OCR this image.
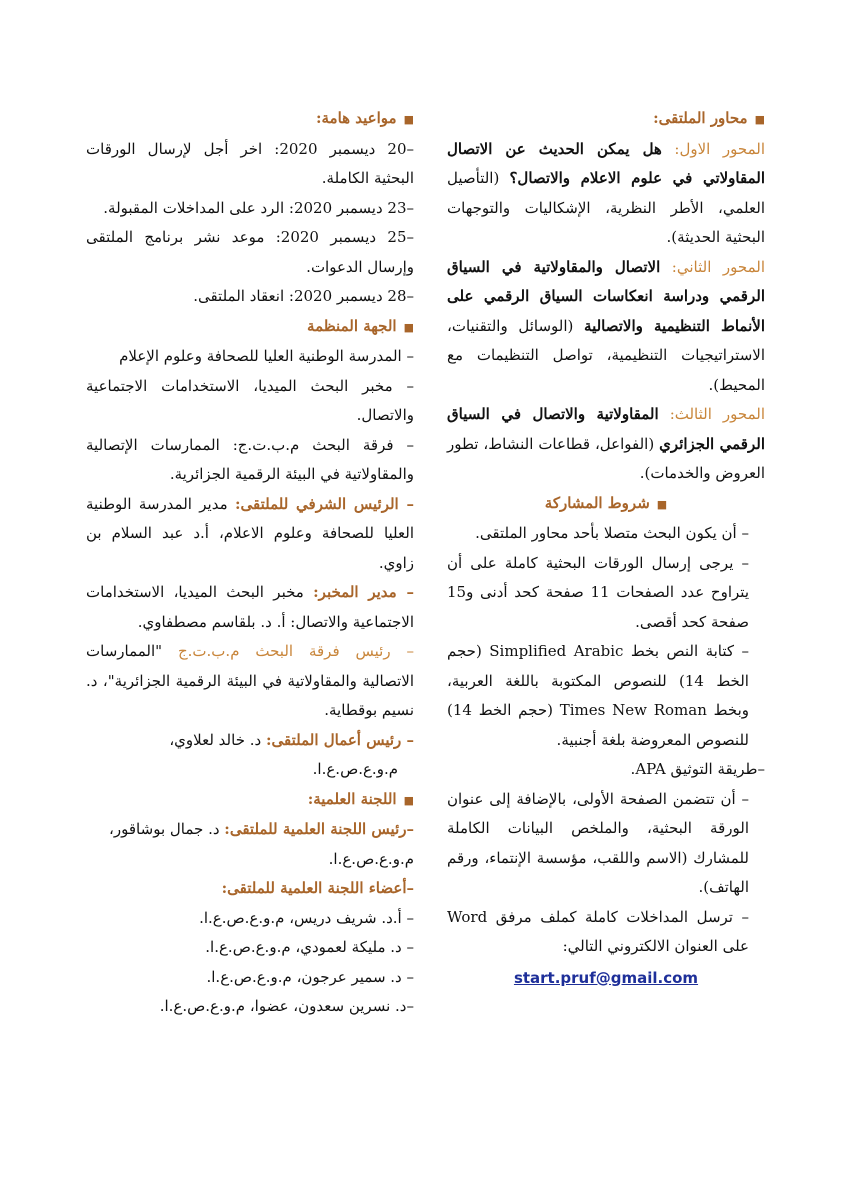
■محاور الملتقى:

المحور الاول: هل يمكن الحديث عن الاتصال المقاولاتي في علوم الاعلام والاتصال؟ (التأصيل العلمي، الأطر النظرية، الإشكاليات والتوجهات البحثية الحديثة).

المحور الثاني: الاتصال والمقاولاتية في السياق الرقمي ودراسة انعكاسات السياق الرقمي على الأنماط التنظيمية والاتصالية (الوسائل والتقنيات، الاستراتيجيات التنظيمية، تواصل التنظيمات مع المحيط).

المحور الثالث: المقاولاتية والاتصال في السياق الرقمي الجزائري (الفواعل، قطاعات النشاط، تطور العروض والخدمات).

■شروط المشاركة

– أن يكون البحث متصلا بأحد محاور الملتقى.

– يرجى إرسال الورقات البحثية كاملة على أن يتراوح عدد الصفحات 11 صفحة كحد أدنى و15 صفحة كحد أقصى.

– كتابة النص بخط Simplified Arabic (حجم الخط 14) للنصوص المكتوبة باللغة العربية، وبخط Times New Roman (حجم الخط 14) للنصوص المعروضة بلغة أجنبية.

–طريقة التوثيق APA.

– أن تتضمن الصفحة الأولى، بالإضافة إلى عنوان الورقة البحثية، والملخص البيانات الكاملة للمشارك (الاسم واللقب، مؤسسة الإنتماء، ورقم الهاتف).

– ترسل المداخلات كاملة كملف مرفق Word على العنوان الالكتروني التالي:

start.pruf@gmail.com

■مواعيد هامة:

–20 ديسمبر 2020: اخر أجل لإرسال الورقات البحثية الكاملة.

–23 ديسمبر 2020: الرد على المداخلات المقبولة.

–25 ديسمبر 2020: موعد نشر برنامج الملتقى وإرسال الدعوات.

–28 ديسمبر 2020: انعقاد الملتقى.

■الجهة المنظمة

– المدرسة الوطنية العليا للصحافة وعلوم الإعلام

– مخبر البحث الميديا، الاستخدامات الاجتماعية والاتصال.

– فرقة البحث م.ب.ت.ج: الممارسات الإتصالية والمقاولاتية في البيئة الرقمية الجزائرية.

– الرئيس الشرفي للملتقى: مدير المدرسة الوطنية العليا للصحافة وعلوم الاعلام، أ.د عبد السلام بن زاوي.

– مدير المخبر: مخبر البحث الميديا، الاستخدامات الاجتماعية والاتصال: أ. د. بلقاسم مصطفاوي.

– رئيس فرقة البحث م.ب.ت.ج "الممارسات الاتصالية والمقاولاتية في البيئة الرقمية الجزائرية"، د. نسيم بوقطاية.

– رئيس أعمال الملتقى: د. خالد لعلاوي،

م.و.ع.ص.ع.ا.

■اللجنة العلمية:

–رئيس اللجنة العلمية للملتقى: د. جمال بوشاقور،

م.و.ع.ص.ع.ا.

–أعضاء اللجنة العلمية للملتقى:

– أ.د. شريف دريس، م.و.ع.ص.ع.ا.

– د. مليكة لعمودي، م.و.ع.ص.ع.ا.

– د. سمير عرجون، م.و.ع.ص.ع.ا.

–د. نسرين سعدون، عضوا، م.و.ع.ص.ع.ا.
